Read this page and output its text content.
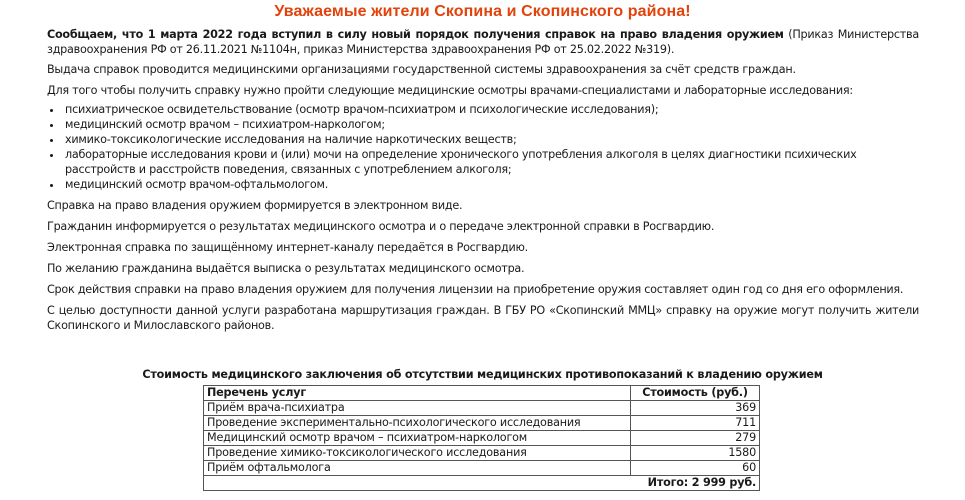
Уважаемые жители Скопина и Скопинского района!

Сообщаем, что 1 марта 2022 года вступил в силу новый порядок получения справок на право владения оружием (Приказ Министерства здравоохранения РФ от 26.11.2021 №1104н, приказ Министерства здравоохранения РФ от 25.02.2022 №319).

Выдача справок проводится медицинскими организациями государственной системы здравоохранения за счёт средств граждан.

Для того чтобы получить справку нужно пройти следующие медицинские осмотры врачами-специалистами и лабораторные исследования:

• психиатрическое освидетельствование (осмотр врачом-психиатром и психологические исследования);
• медицинский осмотр врачом – психиатром-наркологом;
• химико-токсикологические исследования на наличие наркотических веществ;
• лабораторные исследования крови и (или) мочи на определение хронического употребления алкоголя в целях диагностики психических расстройств и расстройств поведения, связанных с употреблением алкоголя;
• медицинский осмотр врачом-офтальмологом.

Справка на право владения оружием формируется в электронном виде.

Гражданин информируется о результатах медицинского осмотра и о передаче электронной справки в Росгвардию.

Электронная справка по защищённому интернет-каналу передаётся в Росгвардию.

По желанию гражданина выдаётся выписка о результатах медицинского осмотра.

Срок действия справки на право владения оружием для получения лицензии на приобретение оружия составляет один год со дня его оформления.

С целью доступности данной услуги разработана маршрутизация граждан. В ГБУ РО «Скопинский ММЦ» справку на оружие могут получить жители Скопинского и Милославского районов.

Стоимость медицинского заключения об отсутствии медицинских противопоказаний к владению оружием
Перечень услуг	Стоимость (руб.)
Приём врача-психиатра	369
Проведение экспериментально-психологического исследования	711
Медицинский осмотр врачом – психиатром-наркологом	279
Проведение химико-токсикологического исследования	1580
Приём офтальмолога	60
Итого: 2 999 руб.	
